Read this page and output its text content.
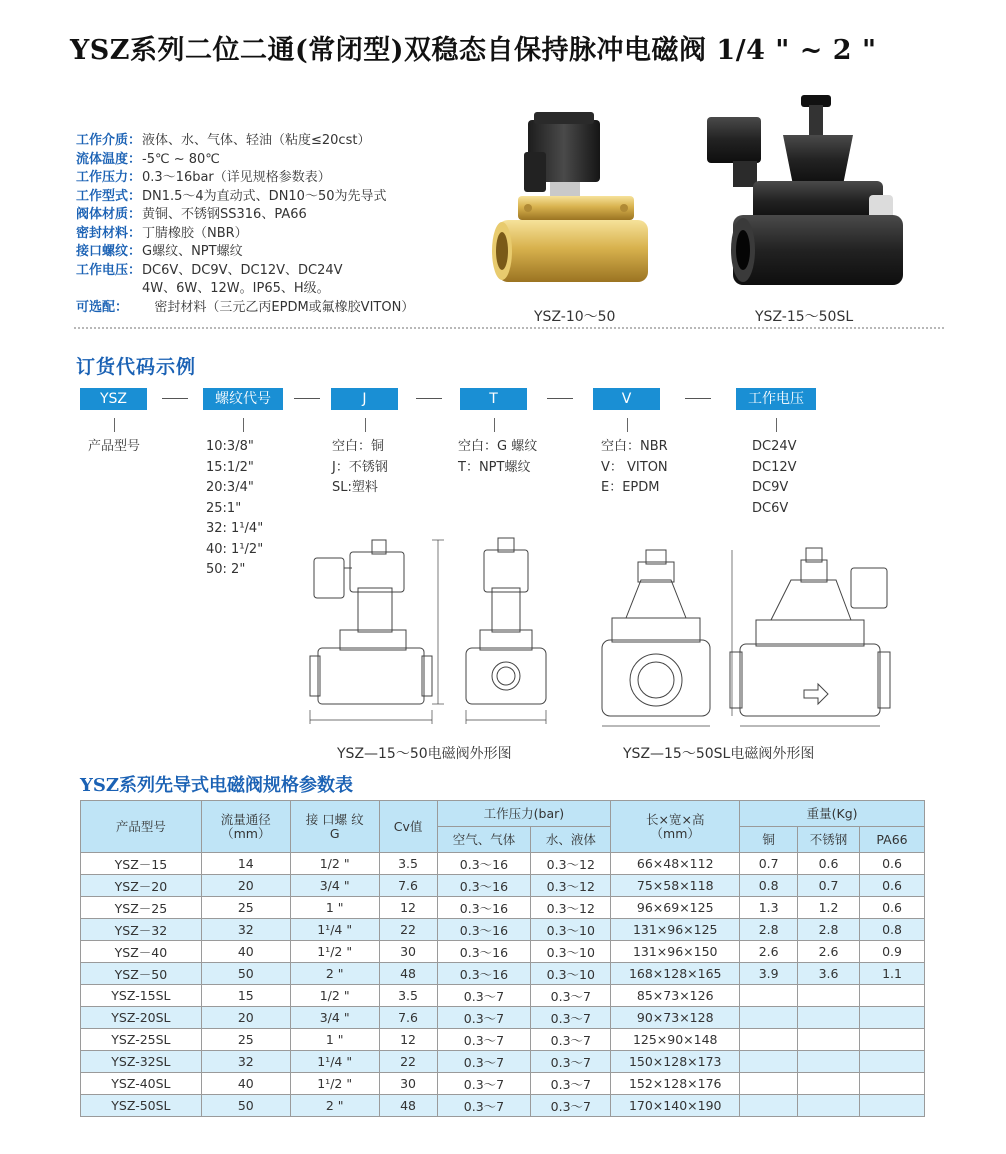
YSZ系列二位二通(常闭型)双稳态自保持脉冲电磁阀 1/4 " ~ 2 "
工作介质： 液体、水、气体、轻油（粘度≤20cst）
流体温度： -5℃ ~ 80℃
工作压力： 0.3～16bar（详见规格参数表）
工作型式： DN1.5～4为直动式、DN10～50为先导式
阀体材质： 黄铜、不锈钢SS316、PA66
密封材料： 丁腈橡胶（NBR）
接口螺纹： G螺纹、NPT螺纹
工作电压： DC6V、DC9V、DC12V、DC24V
4W、6W、12W。IP65、H级。
可选配：	密封材料（三元乙丙EPDM或氟橡胶VITON）
YSZ-10～50	YSZ-15～50SL
订货代码示例
YSZ	螺纹代号	J	T	V	工作电压
产品型号	10:3/8"
15:1/2"
20:3/4"
25:1"
32: 1¹/4"
40: 1¹/2"
50: 2"
空白：铜
J：不锈钢
SL:塑料
空白：G 螺纹
T：NPT螺纹
空白：NBR
V： VITON
E：EPDM
DC24V
DC12V
DC9V
DC6V
YSZ—15～50电磁阀外形图	YSZ—15～50SL电磁阀外形图
YSZ系列先导式电磁阀规格参数表
产品型号	流量通径
（mm）	接 口螺 纹
G	Cv值	工作压力(bar)		长×宽×高
（mm）	重量(Kg)		
				空气、气体	水、液体		铜	不锈钢	PA66
YSZ－15	14	1/2 "	3.5	0.3～16	0.3～12	66×48×112	0.7	0.6	0.6
YSZ－20	20	3/4 "	7.6	0.3～16	0.3～12	75×58×118	0.8	0.7	0.6
YSZ－25	25	1 "	12	0.3～16	0.3～12	96×69×125	1.3	1.2	0.6
YSZ－32	32	1¹/4 "	22	0.3～16	0.3～10	131×96×125	2.8	2.8	0.8
YSZ－40	40	1¹/2 "	30	0.3～16	0.3～10	131×96×150	2.6	2.6	0.9
YSZ－50	50	2 "	48	0.3～16	0.3～10	168×128×165	3.9	3.6	1.1
YSZ-15SL	15	1/2 "	3.5	0.3～7	0.3～7	85×73×126			
YSZ-20SL	20	3/4 "	7.6	0.3～7	0.3～7	90×73×128			
YSZ-25SL	25	1 "	12	0.3～7	0.3～7	125×90×148			
YSZ-32SL	32	1¹/4 "	22	0.3～7	0.3～7	150×128×173			
YSZ-40SL	40	1¹/2 "	30	0.3～7	0.3～7	152×128×176			
YSZ-50SL	50	2 "	48	0.3～7	0.3～7	170×140×190			
